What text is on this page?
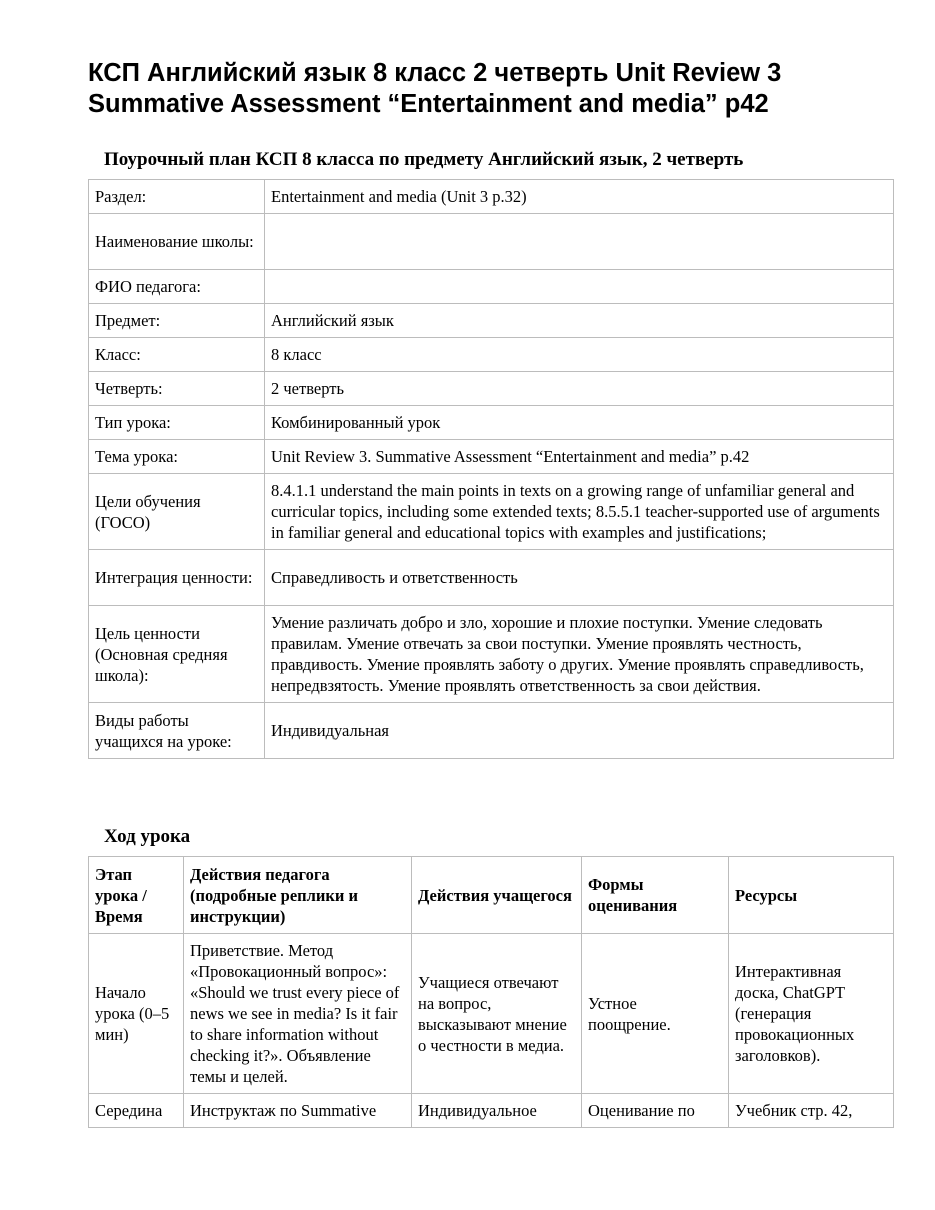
КСП Английский язык 8 класс 2 четверть Unit Review 3 Summative Assessment “Entertainment and media” p42
Поурочный план КСП 8 класса по предмету Английский язык, 2 четверть
Раздел:	Entertainment and media (Unit 3 p.32)
Наименование школы:	
ФИО педагога:	
Предмет:	Английский язык
Класс:	8 класс
Четверть:	2 четверть
Тип урока:	Комбинированный урок
Тема урока:	Unit Review 3. Summative Assessment “Entertainment and media” p.42
Цели обучения (ГОСО)	8.4.1.1 understand the main points in texts on a growing range of unfamiliar general and curricular topics, including some extended texts; 8.5.5.1 teacher-supported use of arguments in familiar general and educational topics with examples and justifications;
Интеграция ценности:	Справедливость и ответственность
Цель ценности (Основная средняя школа):	Умение различать добро и зло, хорошие и плохие поступки. Умение следовать правилам. Умение отвечать за свои поступки. Умение проявлять честность, правдивость. Умение проявлять заботу о других. Умение проявлять справедливость, непредвзятость. Умение проявлять ответственность за свои действия.
Виды работы учащихся на уроке:	Индивидуальная
Ход урока
Этап урока / Время	Действия педагога (подробные реплики и инструкции)	Действия учащегося	Формы оценивания	Ресурсы
Начало урока (0–5 мин)	Приветствие. Метод «Провокационный вопрос»: «Should we trust every piece of news we see in media? Is it fair to share information without checking it?». Объявление темы и целей.	Учащиеся отвечают на вопрос, высказывают мнение о честности в медиа.	Устное поощрение.	Интерактивная доска, ChatGPT (генерация провокационных заголовков).
Середина	Инструктаж по Summative	Индивидуальное	Оценивание по	Учебник стр. 42,
